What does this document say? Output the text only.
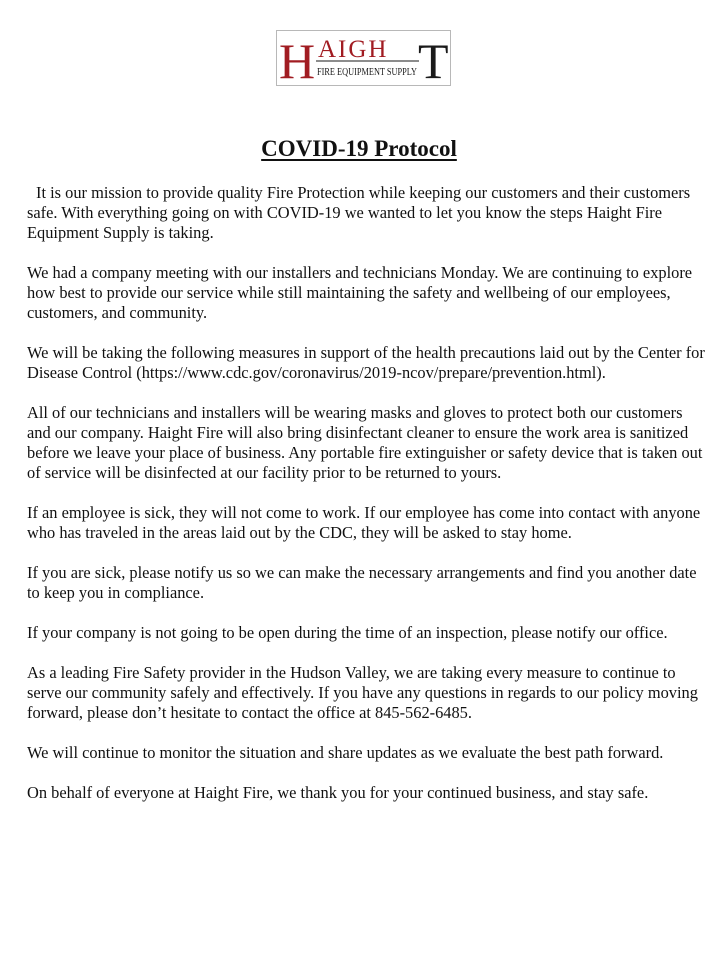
H AIGH T
FIRE EQUIPMENT SUPPLY
COVID-19 Protocol

It is our mission to provide quality Fire Protection while keeping our customers and their customers safe. With everything going on with COVID-19 we wanted to let you know the steps Haight Fire Equipment Supply is taking.

We had a company meeting with our installers and technicians Monday. We are continuing to explore how best to provide our service while still maintaining the safety and wellbeing of our employees, customers, and community.

We will be taking the following measures in support of the health precautions laid out by the Center for Disease Control (https://www.cdc.gov/coronavirus/2019-ncov/prepare/prevention.html).

All of our technicians and installers will be wearing masks and gloves to protect both our customers and our company. Haight Fire will also bring disinfectant cleaner to ensure the work area is sanitized before we leave your place of business. Any portable fire extinguisher or safety device that is taken out of service will be disinfected at our facility prior to be returned to yours.

If an employee is sick, they will not come to work. If our employee has come into contact with anyone who has traveled in the areas laid out by the CDC, they will be asked to stay home.

If you are sick, please notify us so we can make the necessary arrangements and find you another date to keep you in compliance.

If your company is not going to be open during the time of an inspection, please notify our office.

As a leading Fire Safety provider in the Hudson Valley, we are taking every measure to continue to serve our community safely and effectively. If you have any questions in regards to our policy moving forward, please don’t hesitate to contact the office at 845-562-6485.

We will continue to monitor the situation and share updates as we evaluate the best path forward.

On behalf of everyone at Haight Fire, we thank you for your continued business, and stay safe.
